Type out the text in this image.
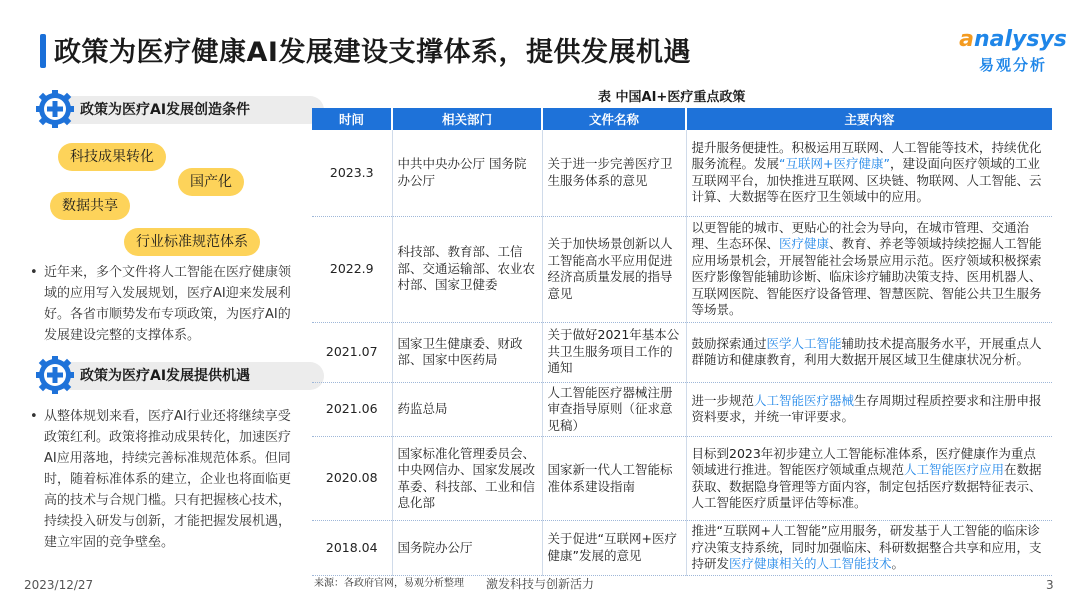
政策为医疗健康AI发展建设支撑体系，提供发展机遇	analysys
易观分析
政策为医疗AI发展创造条件
科技成果转化
国产化
数据共享
行业标准规范体系
• 近年来，多个文件将人工智能在医疗健康领域的应用写入发展规划，医疗AI迎来发展利好。各省市顺势发布专项政策，为医疗AI的发展建设完整的支撑体系。
政策为医疗AI发展提供机遇
• 从整体规划来看，医疗AI行业还将继续享受政策红利。政策将推动成果转化，加速医疗AI应用落地，持续完善标准规范体系。但同时，随着标准体系的建立，企业也将面临更高的技术与合规门槛。只有把握核心技术，持续投入研发与创新，才能把握发展机遇，建立牢固的竞争壁垒。
表 中国AI+医疗重点政策
时间	相关部门	文件名称	主要内容
2023.3	中共中央办公厅 国务院办公厅	关于进一步完善医疗卫生服务体系的意见	提升服务便捷性。积极运用互联网、人工智能等技术，持续优化服务流程。发展“互联网+医疗健康”，建设面向医疗领域的工业互联网平台，加快推进互联网、区块链、物联网、人工智能、云计算、大数据等在医疗卫生领域中的应用。
2022.9	科技部、教育部、工信部、交通运输部、农业农村部、国家卫健委	关于加快场景创新以人工智能高水平应用促进经济高质量发展的指导意见	以更智能的城市、更贴心的社会为导向，在城市管理、交通治理、生态环保、医疗健康、教育、养老等领域持续挖掘人工智能应用场景机会，开展智能社会场景应用示范。医疗领域积极探索医疗影像智能辅助诊断、临床诊疗辅助决策支持、医用机器人、互联网医院、智能医疗设备管理、智慧医院、智能公共卫生服务等场景。
2021.07	国家卫生健康委、财政部、国家中医药局	关于做好2021年基本公共卫生服务项目工作的通知	鼓励探索通过医学人工智能辅助技术提高服务水平，开展重点人群随访和健康教育，利用大数据开展区域卫生健康状况分析。
2021.06	药监总局	人工智能医疗器械注册审查指导原则（征求意见稿）	进一步规范人工智能医疗器械生存周期过程质控要求和注册申报资料要求，并统一审评要求。
2020.08	国家标准化管理委员会、中央网信办、国家发展改革委、科技部、工业和信息化部	国家新一代人工智能标准体系建设指南	目标到2023年初步建立人工智能标准体系，医疗健康作为重点领域进行推进。智能医疗领域重点规范人工智能医疗应用在数据获取、数据隐身管理等方面内容，制定包括医疗数据特征表示、人工智能医疗质量评估等标准。
2018.04	国务院办公厅	关于促进“互联网+医疗健康”发展的意见	推进“互联网+人工智能”应用服务，研发基于人工智能的临床诊疗决策支持系统，同时加强临床、科研数据整合共享和应用，支持研发医疗健康相关的人工智能技术。
2023/12/27	来源：各政府官网，易观分析整理 激发科技与创新活力	3
